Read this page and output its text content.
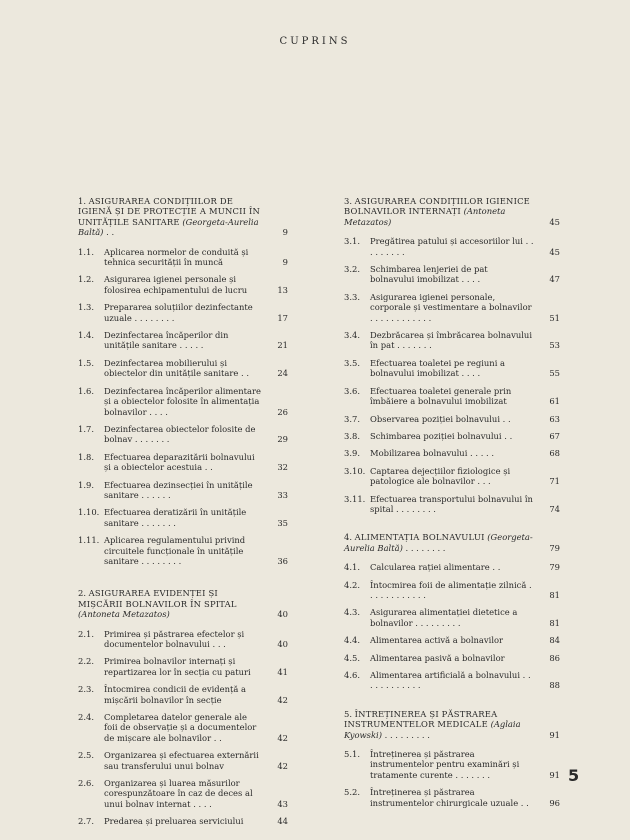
CUPRINS
1. ASIGURAREA CONDIȚIILOR DE IGIENĂ ȘI DE PROTECȚIE A MUNCII ÎN UNITĂȚILE SANITARE (Georgeta-Aurelia Baltă) . .	9
1.1. Aplicarea normelor de conduită și tehnica securității în muncă	9
1.2. Asigurarea igienei personale și folosirea echipamentului de lucru	13
1.3. Prepararea soluțiilor dezinfectante uzuale . . . . . . . .	17
1.4. Dezinfectarea încăperilor din unitățile sanitare . . . . .	21
1.5. Dezinfectarea mobilierului și obiectelor din unitățile sanitare . .	24
1.6. Dezinfectarea încăperilor alimentare și a obiectelor folosite în alimentația bolnavilor . . . .	26
1.7. Dezinfectarea obiectelor folosite de bolnav . . . . . . .	29
1.8. Efectuarea deparazitării bolnavului și a obiectelor acestuia . .	32
1.9. Efectuarea dezinsecției în unitățile sanitare . . . . . .	33
1.10. Efectuarea deratizării în unitățile sanitare . . . . . . .	35
1.11. Aplicarea regulamentului privind circuitele funcționale în unitățile sanitare . . . . . . . .	36
2. ASIGURAREA EVIDENȚEI ȘI MIȘCĂRII BOLNAVILOR ÎN SPITAL (Antoneta Metazatos)	40
2.1. Primirea și păstrarea efectelor și documentelor bolnavului . . .	40
2.2. Primirea bolnavilor internați și repartizarea lor în secția cu paturi	41
2.3. Întocmirea condicii de evidență a mișcării bolnavilor în secție	42
2.4. Completarea datelor generale ale foii de observație și a documentelor de mișcare ale bolnavilor . .	42
2.5. Organizarea și efectuarea externării sau transferului unui bolnav	42
2.6. Organizarea și luarea măsurilor corespunzătoare în caz de deces al unui bolnav internat . . . .	43
2.7. Predarea și preluarea serviciului	44
3. ASIGURAREA CONDIȚIILOR IGIENICE BOLNAVILOR INTERNAȚI (Antoneta Metazatos)	45
3.1. Pregătirea patului și accesoriilor lui . . . . . . . . .	45
3.2. Schimbarea lenjeriei de pat bolnavului imobilizat . . . .	47
3.3. Asigurarea igienei personale, corporale și vestimentare a bolnavilor . . . . . . . . . . . .	51
3.4. Dezbrăcarea și îmbrăcarea bolnavului în pat . . . . . . .	53
3.5. Efectuarea toaletei pe regiuni a bolnavului imobilizat . . . .	55
3.6. Efectuarea toaletei generale prin îmbăiere a bolnavului imobilizat	61
3.7. Observarea poziției bolnavului . .	63
3.8. Schimbarea poziției bolnavului . .	67
3.9. Mobilizarea bolnavului . . . . .	68
3.10. Captarea dejecțiilor fiziologice și patologice ale bolnavilor . . .	71
3.11. Efectuarea transportului bolnavului în spital . . . . . . . .	74
4. ALIMENTAȚIA BOLNAVULUI (Georgeta-Aurelia Baltă) . . . . . . . .	79
4.1. Calcularea rației alimentare . .	79
4.2. Întocmirea foii de alimentație zilnică . . . . . . . . . . . .	81
4.3. Asigurarea alimentației dietetice a bolnavilor . . . . . . . . .	81
4.4. Alimentarea activă a bolnavilor	84
4.5. Alimentarea pasivă a bolnavilor	86
4.6. Alimentarea artificială a bolnavului . . . . . . . . . . . .	88
5. ÎNTREȚINEREA ȘI PĂSTRAREA INSTRUMENTELOR MEDICALE (Aglaia Kyowski) . . . . . . . . .	91
5.1. Întreținerea și păstrarea instrumentelor pentru examinări și tratamente curente . . . . . . .	91
5.2. Întreținerea și păstrarea instrumentelor chirurgicale uzuale . .	96
5
